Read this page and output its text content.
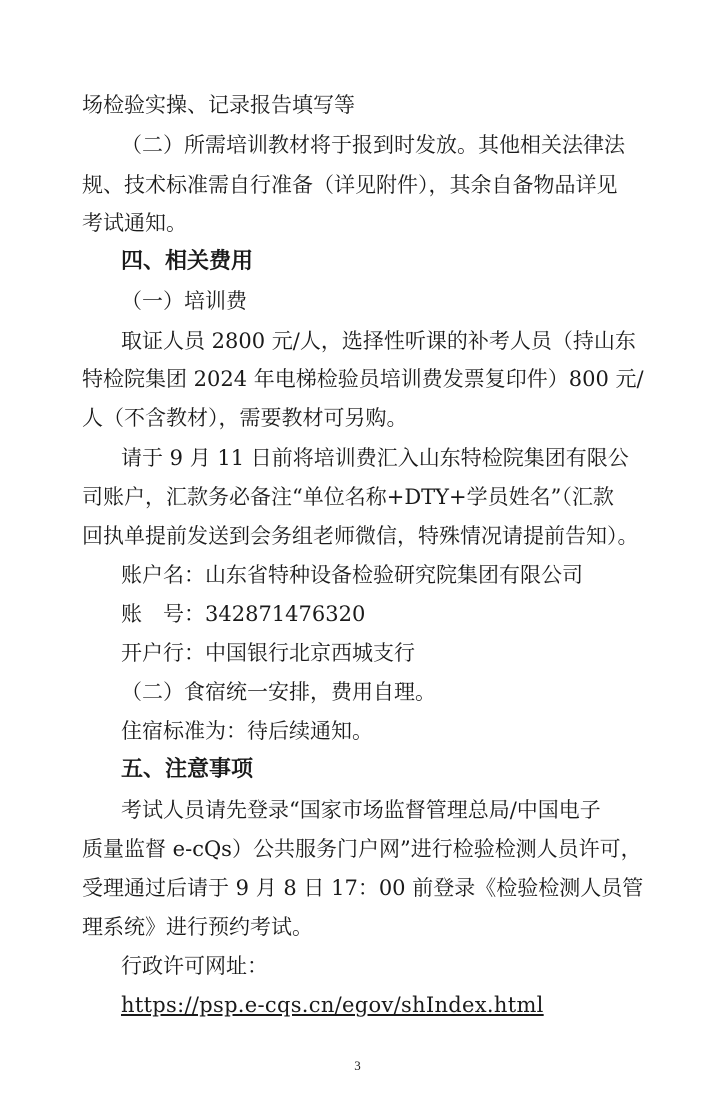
场检验实操、记录报告填写等
（二）所需培训教材将于报到时发放。其他相关法律法
规、技术标准需自行准备（详见附件），其余自备物品详见
考试通知。
四、相关费用
（一）培训费
取证人员 2800 元/人，选择性听课的补考人员（持山东
特检院集团 2024 年电梯检验员培训费发票复印件）800 元/
人（不含教材），需要教材可另购。
请于 9 月 11 日前将培训费汇入山东特检院集团有限公
司账户，汇款务必备注“单位名称+DTY+学员姓名”（汇款
回执单提前发送到会务组老师微信，特殊情况请提前告知）。
账户名：山东省特种设备检验研究院集团有限公司
账　号：342871476320
开户行：中国银行北京西城支行
（二）食宿统一安排，费用自理。
住宿标准为：待后续通知。
五、注意事项
考试人员请先登录“国家市场监督管理总局/中国电子
质量监督 e-cQs）公共服务门户网”进行检验检测人员许可，
受理通过后请于 9 月 8 日 17：00 前登录《检验检测人员管
理系统》进行预约考试。
行政许可网址：
https://psp.e-cqs.cn/egov/shIndex.html
3
